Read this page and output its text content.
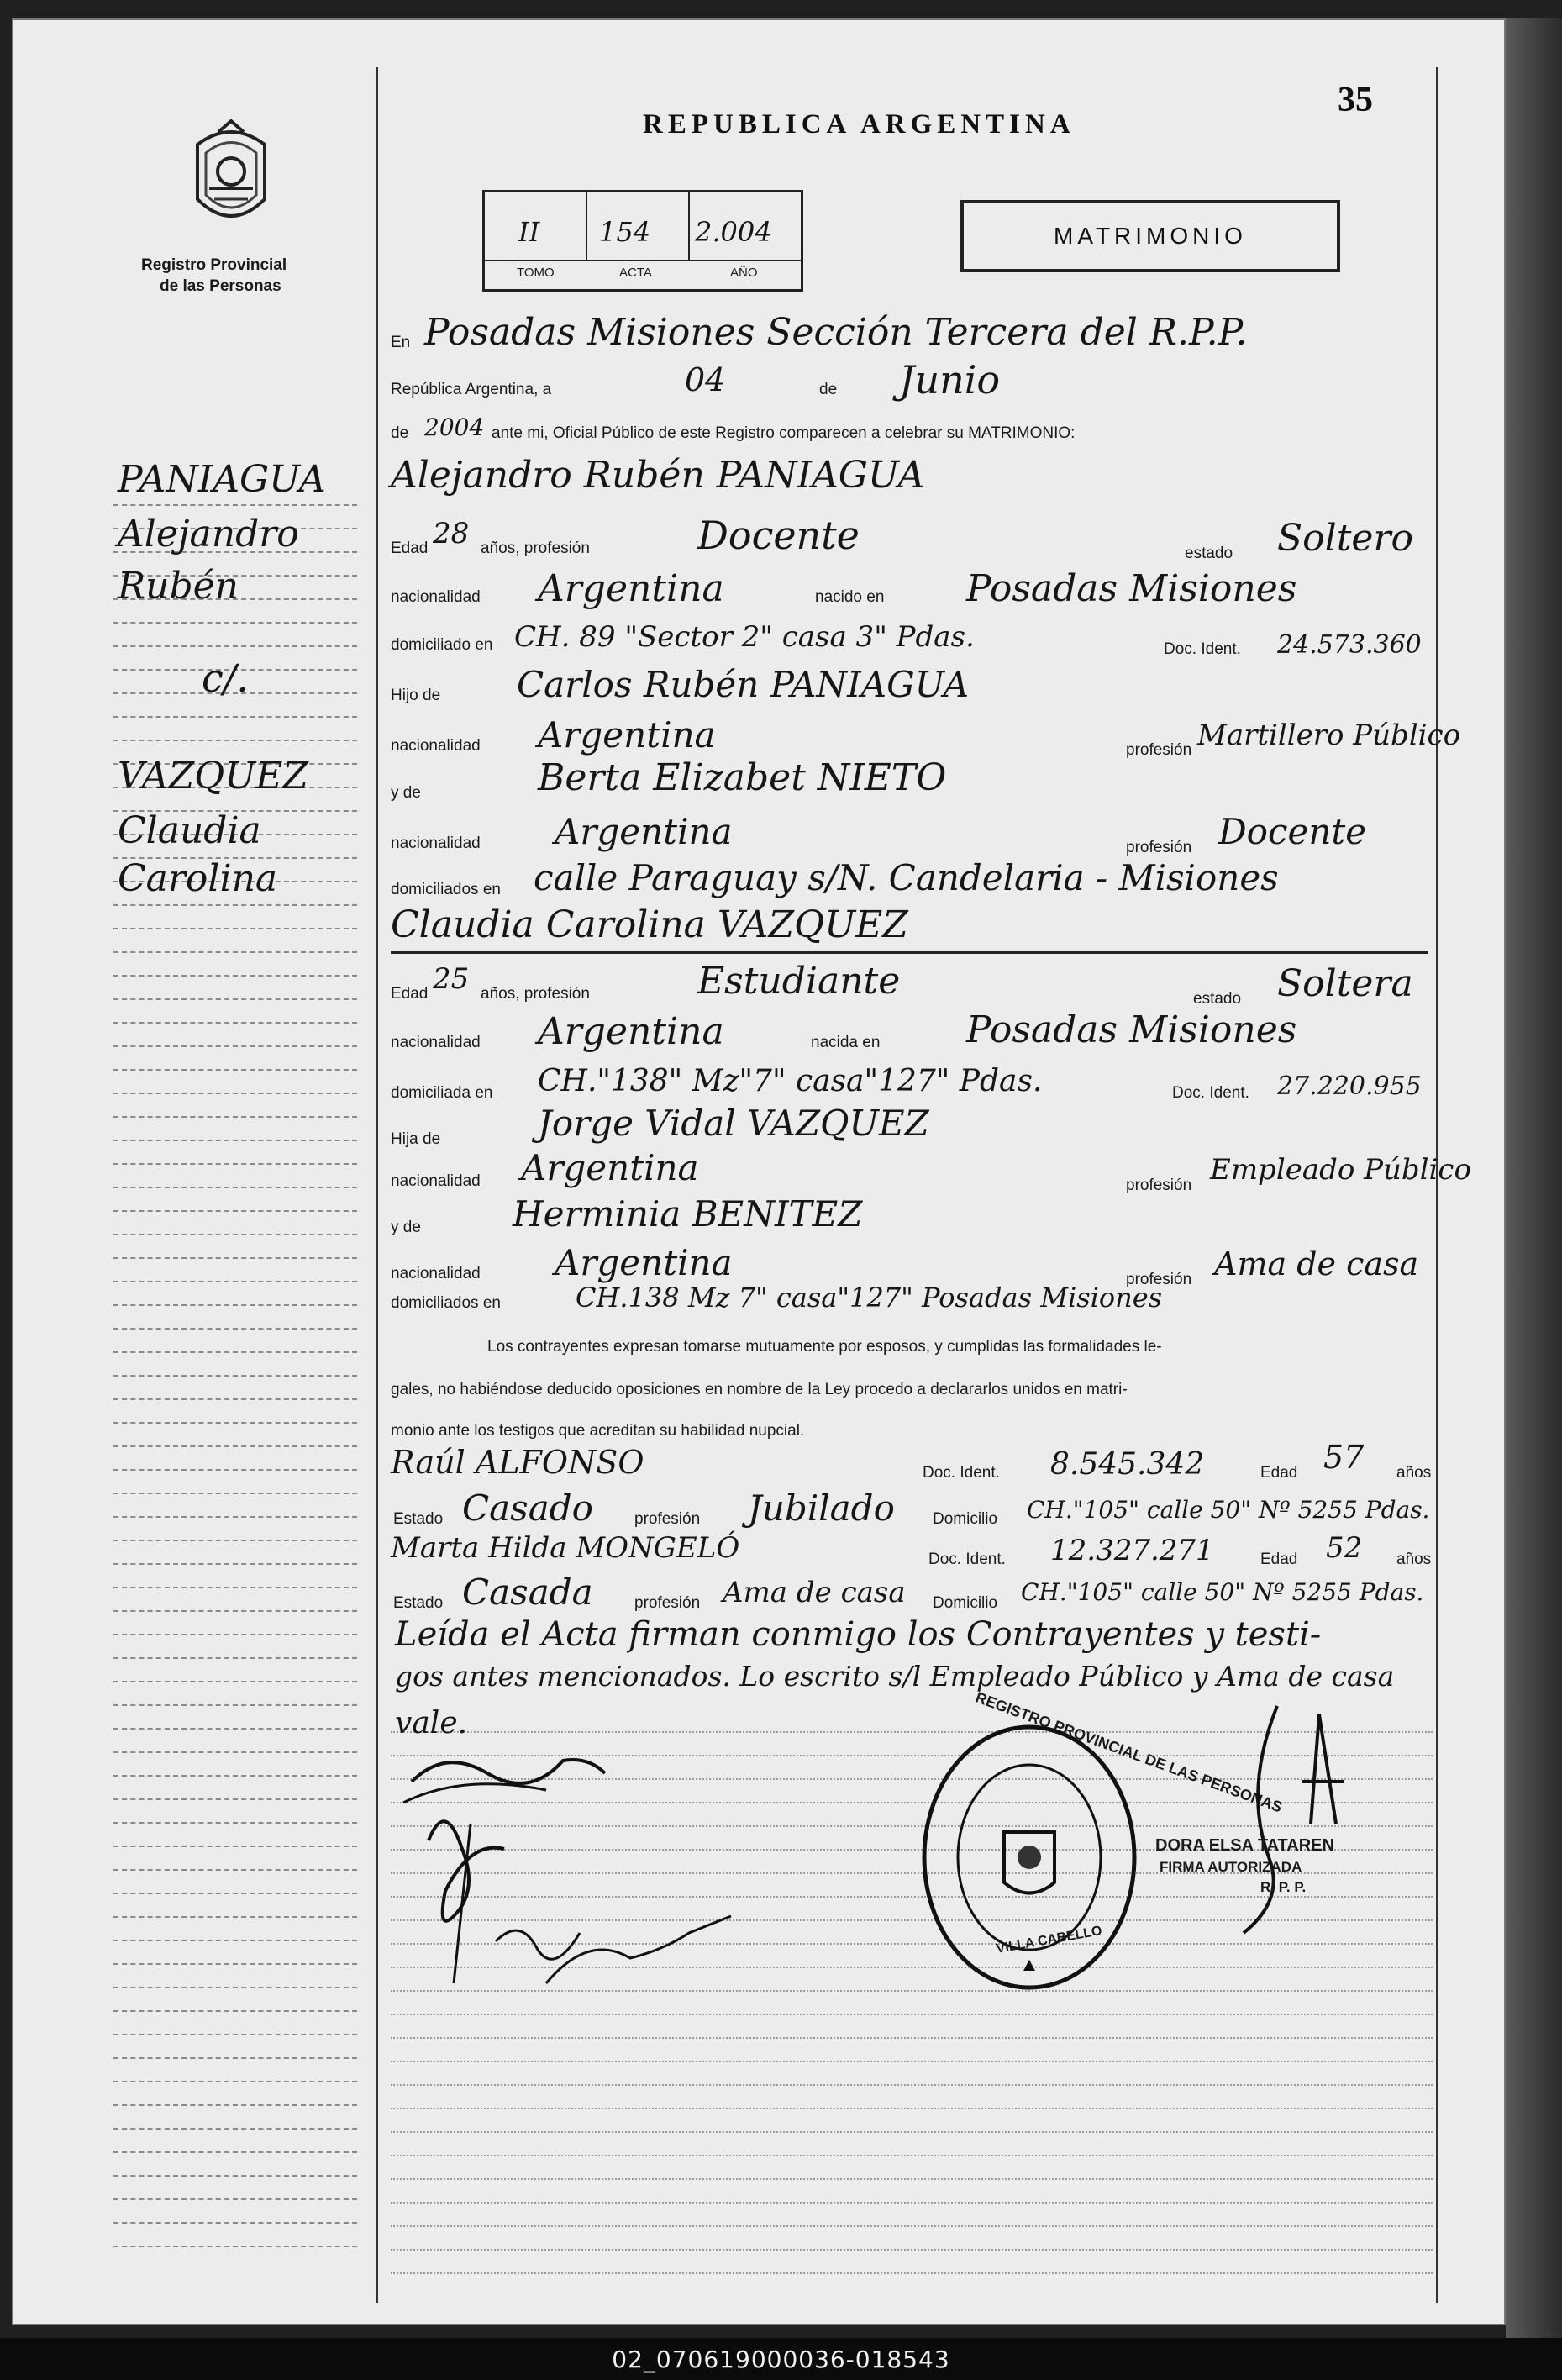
02_070619000036-018543
Registro Provincial
de las Personas
REPUBLICA ARGENTINA
35
II 154 2.004
TOMO	ACTA	AÑO
MATRIMONIO
PANIAGUA
Alejandro
Rubén
c/.
VAZQUEZ
Claudia
Carolina
En Posadas Misiones Sección Tercera del R.P.P.
República Argentina, a	04	de Junio
de 2004 ante mi, Oficial Público de este Registro comparecen a celebrar su MATRIMONIO:
Alejandro Rubén PANIAGUA
Edad 28 años, profesión	Docente	estado Soltero
nacionalidad Argentina	nacido en Posadas Misiones
domiciliado en CH. 89 "Sector 2" casa 3" Pdas.	Doc. Ident. 24.573.360
Hijo de Carlos Rubén PANIAGUA
nacionalidad Argentina	profesión Martillero Público
y de	Berta Elizabet NIETO
nacionalidad Argentina	profesión Docente
domiciliados en calle Paraguay s/N. Candelaria - Misiones
Claudia Carolina VAZQUEZ
Edad 25 años, profesión	Estudiante	estado Soltera
nacionalidad Argentina	nacida en Posadas Misiones
domiciliada en CH."138" Mz"7" casa"127" Pdas.	Doc. Ident. 27.220.955
Hija de	Jorge Vidal VAZQUEZ
nacionalidad Argentina	profesión Empleado Público
y de	Herminia BENITEZ
nacionalidad Argentina	profesión Ama de casa
domiciliados en	CH.138 Mz 7" casa"127" Posadas Misiones
Los contrayentes expresan tomarse mutuamente por esposos, y cumplidas las formalidades le-
gales, no habiéndose deducido oposiciones en nombre de la Ley procedo a declararlos unidos en matri-
monio ante los testigos que acreditan su habilidad nupcial.
Raúl ALFONSO	Doc. Ident. 8.545.342	Edad 57 años
Estado Casado	profesión Jubilado Domicilio CH."105" calle 50" Nº 5255 Pdas.
Marta Hilda MONGELÓ	Doc. Ident. 12.327.271	Edad 52 años
Estado Casada	profesión Ama de casa Domicilio CH."105" calle 50" Nº 5255 Pdas.
Leída el Acta firman conmigo los Contrayentes y testi-
gos antes mencionados. Lo escrito s/l Empleado Público y Ama de casa
vale.	REGISTRO PROVINCIAL DE LAS PERSONAS
VILLA CABELLO
DORA ELSA TATAREN
FIRMA AUTORIZADA
R. P. P.
